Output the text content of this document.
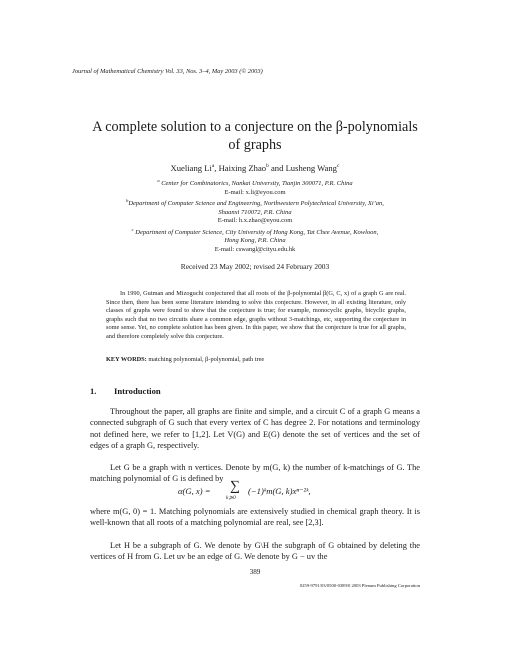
Journal of Mathematical Chemistry Vol. 33, Nos. 3–4, May 2003 (© 2003)
A complete solution to a conjecture on the β-polynomials
of graphs
Xueliang Li$^a$, Haixing Zhao$^b$ and Lusheng Wang$^c$
$^a$ Center for Combinatorics, Nankai University, Tianjin 300071, P.R. China
E-mail: x.li@eyou.com
$^b$Department of Computer Science and Engineering, Northwestern Polytechnical University, Xi’an,
Shaanxi 710072, P.R. China
E-mail: h.x.zhao@eyou.com
$^c$ Department of Computer Science, City University of Hong Kong, Tat Chee Avenue, Kowloon,
Hong Kong, P.R. China
E-mail: cswangl@cityu.edu.hk
Received 23 May 2002; revised 24 February 2003

In 1990, Gutman and Mizoguchi conjectured that all roots of the β-polynomial β(G, C, x) of a graph G are real. Since then, there has been some literature intending to solve this conjecture. However, in all existing literature, only classes of graphs were found to show that the conjecture is true; for example, monocyclic graphs, bicyclic graphs, graphs such that no two circuits share a common edge, graphs without 3-matchings, etc, supporting the conjecture in some sense. Yet, no complete solution has been given. In this paper, we show that the conjecture is true for all graphs, and therefore completely solve this conjecture.

KEY WORDS: matching polynomial, β-polynomial, path tree
1. Introduction

Throughout the paper, all graphs are finite and simple, and a circuit C of a graph G means a connected subgraph of G such that every vertex of C has degree 2. For notations and terminology not defined here, we refer to [1,2]. Let V(G) and E(G) denote the set of vertices and the set of edges of a graph G, respectively.

Let G be a graph with n vertices. Denote by m(G, k) the number of k-matchings of G. The matching polynomial of G is defined by

α(G, x) = ∑
k⩾0
(−1)ᵏm(G, k)xⁿ⁻²ᵏ,

where m(G, 0) = 1. Matching polynomials are extensively studied in chemical graph theory. It is well-known that all roots of a matching polynomial are real, see [2,3].

Let H be a subgraph of G. We denote by G\H the subgraph of G obtained by deleting the vertices of H from G. Let uv be an edge of G. We denote by G − uv the

389
0259-9791/03/0500-0389/0 2003 Plenum Publishing Corporation
